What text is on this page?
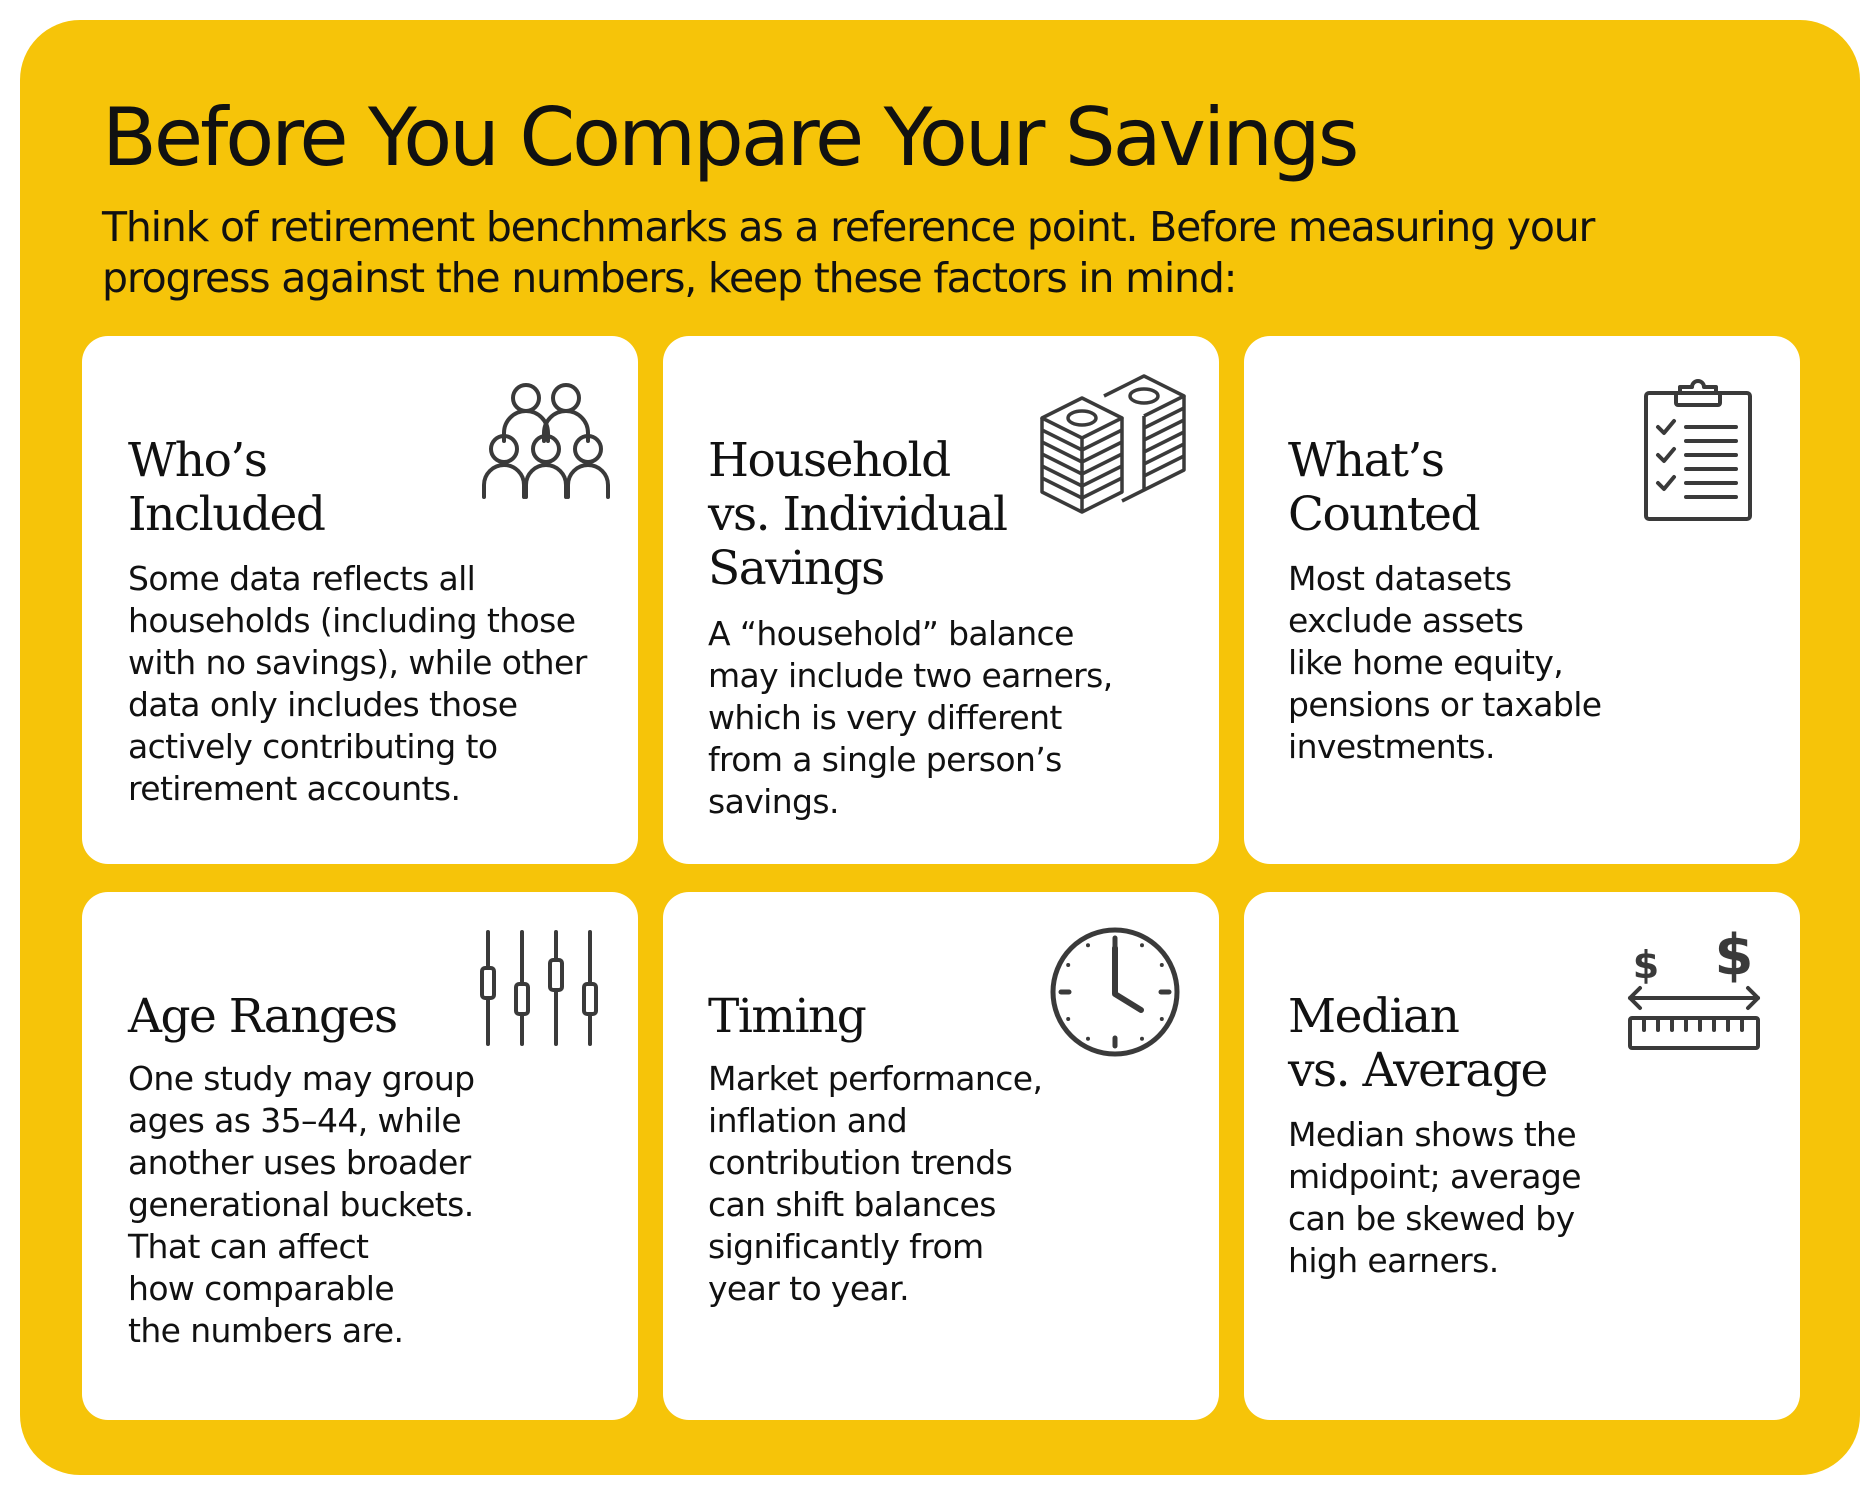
Before You Compare Your Savings

Think of retirement benchmarks as a reference point. Before measuring your progress against the numbers, keep these factors in mind:

Who’s
Included
Some data reflects all
households (including those
with no savings), while other
data only includes those
actively contributing to
retirement accounts.
Household
vs. Individual
Savings
A “household” balance
may include two earners,
which is very different
from a single person’s
savings.
What’s
Counted
Most datasets
exclude assets
like home equity,
pensions or taxable
investments.
Age Ranges
One study may group
ages as 35–44, while
another uses broader
generational buckets.
That can affect
how comparable
the numbers are.
Timing
Market performance,
inflation and
contribution trends
can shift balances
significantly from
year to year.
Median
vs. Average
Median shows the
midpoint; average
can be skewed by
high earners.
$ $
